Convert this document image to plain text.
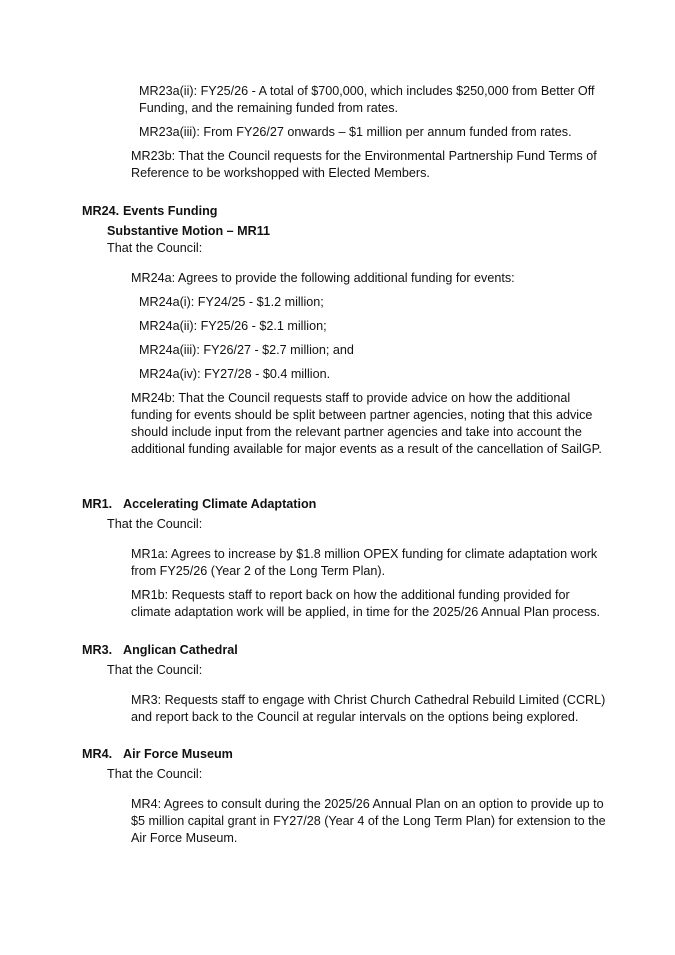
MR23a(ii): FY25/26 - A total of $700,000, which includes $250,000 from Better Off
Funding, and the remaining funded from rates.
MR23a(iii): From FY26/27 onwards – $1 million per annum funded from rates.
MR23b: That the Council requests for the Environmental Partnership Fund Terms of
Reference to be workshopped with Elected Members.
MR24. Events Funding
Substantive Motion – MR11
That the Council:
MR24a: Agrees to provide the following additional funding for events:
MR24a(i): FY24/25 - $1.2 million;
MR24a(ii): FY25/26 - $2.1 million;
MR24a(iii): FY26/27 - $2.7 million; and
MR24a(iv): FY27/28 - $0.4 million.
MR24b: That the Council requests staff to provide advice on how the additional
funding for events should be split between partner agencies, noting that this advice
should include input from the relevant partner agencies and take into account the
additional funding available for major events as a result of the cancellation of SailGP.
MR1. Accelerating Climate Adaptation
That the Council:
MR1a: Agrees to increase by $1.8 million OPEX funding for climate adaptation work
from FY25/26 (Year 2 of the Long Term Plan).
MR1b: Requests staff to report back on how the additional funding provided for
climate adaptation work will be applied, in time for the 2025/26 Annual Plan process.
MR3. Anglican Cathedral
That the Council:
MR3: Requests staff to engage with Christ Church Cathedral Rebuild Limited (CCRL)
and report back to the Council at regular intervals on the options being explored.
MR4. Air Force Museum
That the Council:
MR4: Agrees to consult during the 2025/26 Annual Plan on an option to provide up to
$5 million capital grant in FY27/28 (Year 4 of the Long Term Plan) for extension to the
Air Force Museum.
